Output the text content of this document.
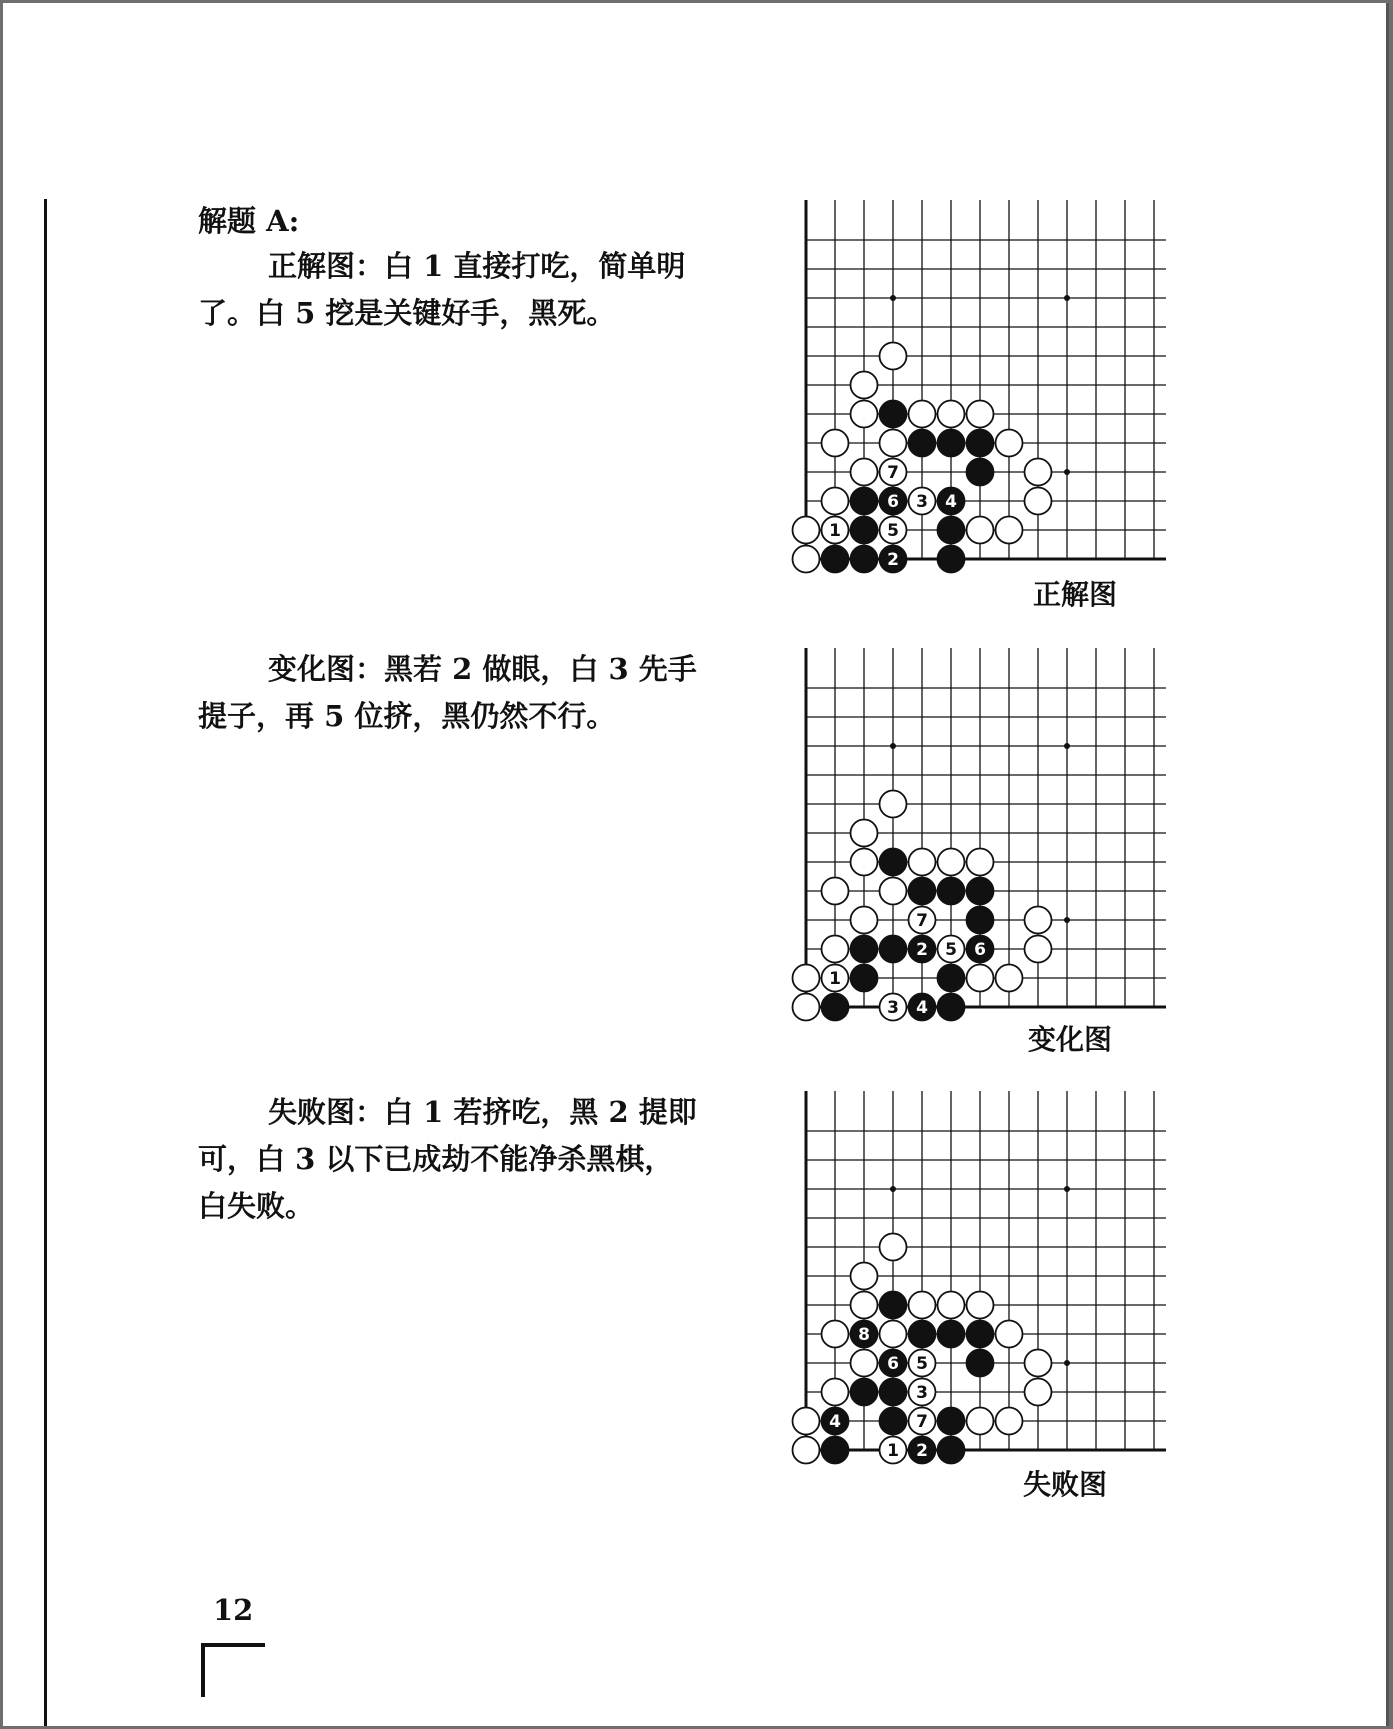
解题 A:

正解图：白 1 直接打吃，简单明了。白 5 挖是关键好手，黑死。

1
7
6 3 4
5
2
正解图

变化图：黑若 2 做眼，白 3 先手提子，再 5 位挤，黑仍然不行。

1
7
2 5 6
3 4
变化图

失败图：白 1 若挤吃，黑 2 提即可，白 3 以下已成劫不能净杀黑棋，白失败。

8
6 5
3
4	7
1 2
失败图
12
